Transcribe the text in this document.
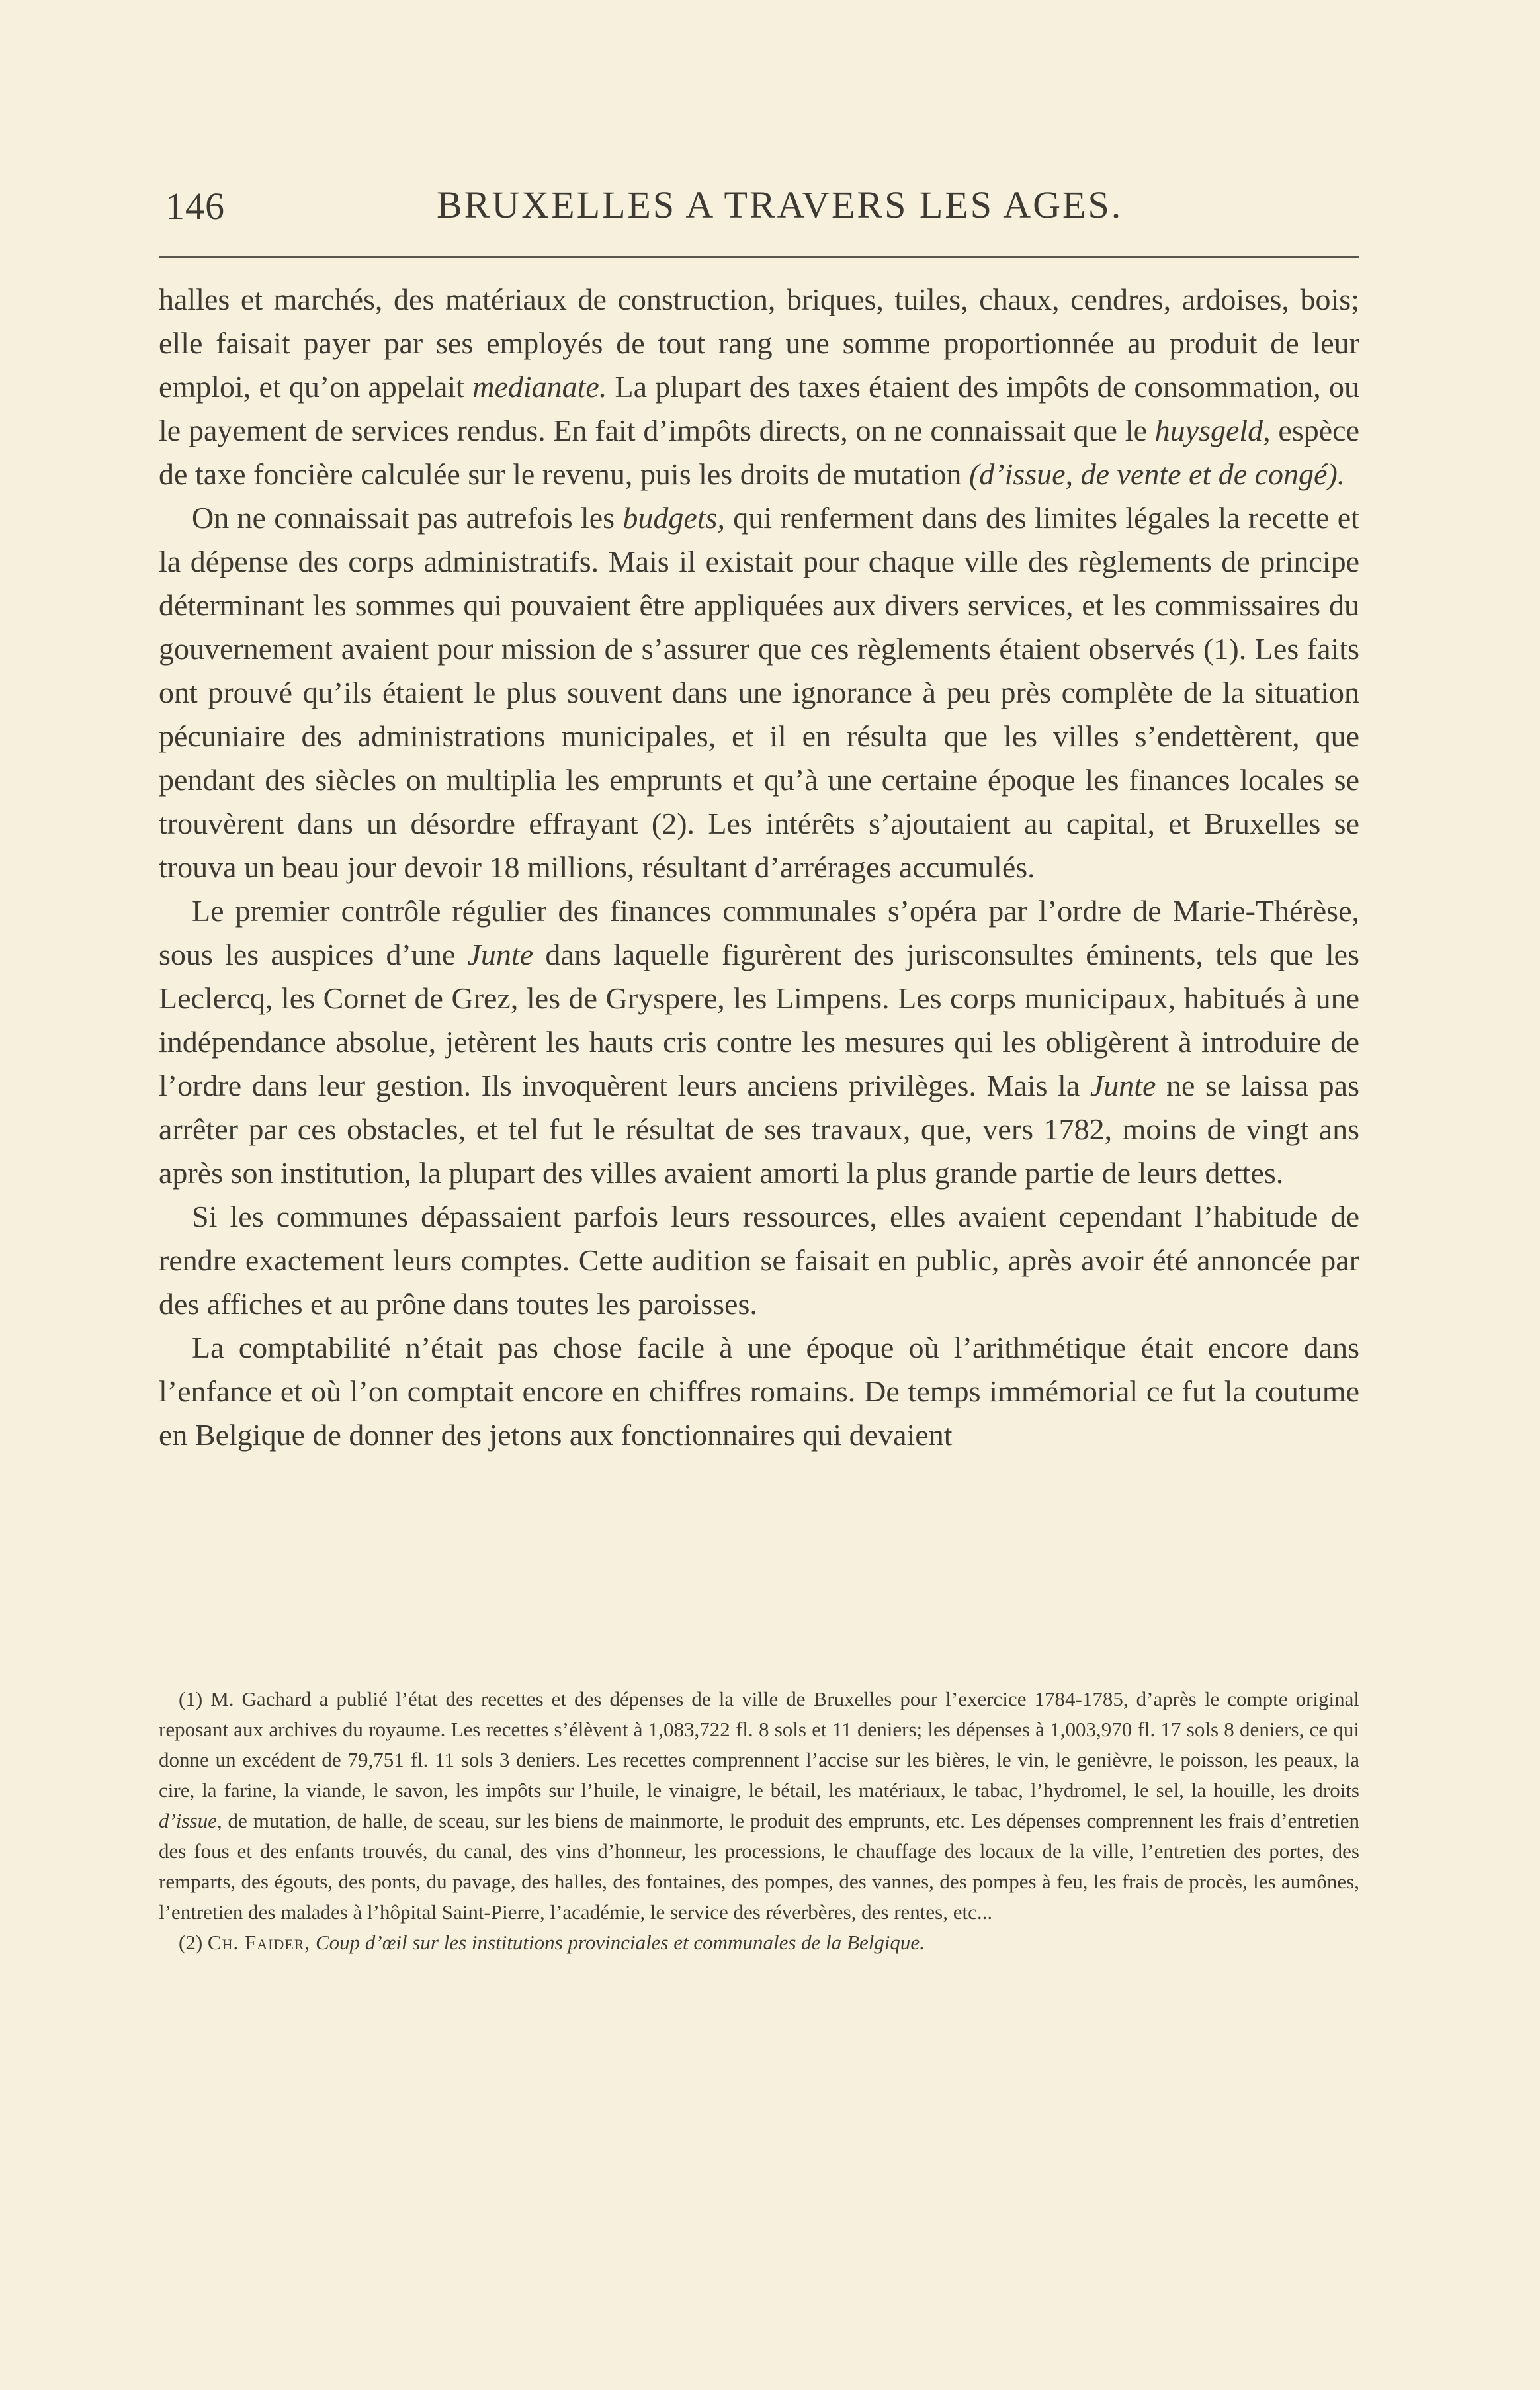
146	BRUXELLES A TRAVERS LES AGES.

halles et marchés, des matériaux de construction, briques, tuiles, chaux, cendres, ardoises, bois; elle faisait payer par ses employés de tout rang une somme proportionnée au produit de leur emploi, et qu’on appelait medianate. La plupart des taxes étaient des impôts de consommation, ou le payement de services rendus. En fait d’impôts directs, on ne connaissait que le huysgeld, espèce de taxe foncière calculée sur le revenu, puis les droits de mutation (d’issue, de vente et de congé).

On ne connaissait pas autrefois les budgets, qui renferment dans des limites légales la recette et la dépense des corps administratifs. Mais il existait pour chaque ville des règlements de principe déterminant les sommes qui pouvaient être appliquées aux divers services, et les commissaires du gouvernement avaient pour mission de s’assurer que ces règlements étaient observés (1). Les faits ont prouvé qu’ils étaient le plus souvent dans une ignorance à peu près complète de la situation pécuniaire des administrations municipales, et il en résulta que les villes s’endettèrent, que pendant des siècles on multiplia les emprunts et qu’à une certaine époque les finances locales se trouvèrent dans un désordre effrayant (2). Les intérêts s’ajoutaient au capital, et Bruxelles se trouva un beau jour devoir 18 millions, résultant d’arrérages accumulés.

Le premier contrôle régulier des finances communales s’opéra par l’ordre de Marie-Thérèse, sous les auspices d’une Junte dans laquelle figurèrent des jurisconsultes éminents, tels que les Leclercq, les Cornet de Grez, les de Gryspere, les Limpens. Les corps municipaux, habitués à une indépendance absolue, jetèrent les hauts cris contre les mesures qui les obligèrent à introduire de l’ordre dans leur gestion. Ils invoquèrent leurs anciens privilèges. Mais la Junte ne se laissa pas arrêter par ces obstacles, et tel fut le résultat de ses travaux, que, vers 1782, moins de vingt ans après son institution, la plupart des villes avaient amorti la plus grande partie de leurs dettes.

Si les communes dépassaient parfois leurs ressources, elles avaient cependant l’habitude de rendre exactement leurs comptes. Cette audition se faisait en public, après avoir été annoncée par des affiches et au prône dans toutes les paroisses.

La comptabilité n’était pas chose facile à une époque où l’arithmétique était encore dans l’enfance et où l’on comptait encore en chiffres romains. De temps immémorial ce fut la coutume en Belgique de donner des jetons aux fonctionnaires qui devaient

(1) M. Gachard a publié l’état des recettes et des dépenses de la ville de Bruxelles pour l’exercice 1784-1785, d’après le compte original reposant aux archives du royaume. Les recettes s’élèvent à 1,083,722 fl. 8 sols et 11 deniers; les dépenses à 1,003,970 fl. 17 sols 8 deniers, ce qui donne un excédent de 79,751 fl. 11 sols 3 deniers. Les recettes comprennent l’accise sur les bières, le vin, le genièvre, le poisson, les peaux, la cire, la farine, la viande, le savon, les impôts sur l’huile, le vinaigre, le bétail, les matériaux, le tabac, l’hydromel, le sel, la houille, les droits d’issue, de mutation, de halle, de sceau, sur les biens de mainmorte, le produit des emprunts, etc. Les dépenses comprennent les frais d’entretien des fous et des enfants trouvés, du canal, des vins d’honneur, les processions, le chauffage des locaux de la ville, l’entretien des portes, des remparts, des égouts, des ponts, du pavage, des halles, des fontaines, des pompes, des vannes, des pompes à feu, les frais de procès, les aumônes, l’entretien des malades à l’hôpital Saint-Pierre, l’académie, le service des réverbères, des rentes, etc...

(2) Ch. Faider, Coup d’œil sur les institutions provinciales et communales de la Belgique.
